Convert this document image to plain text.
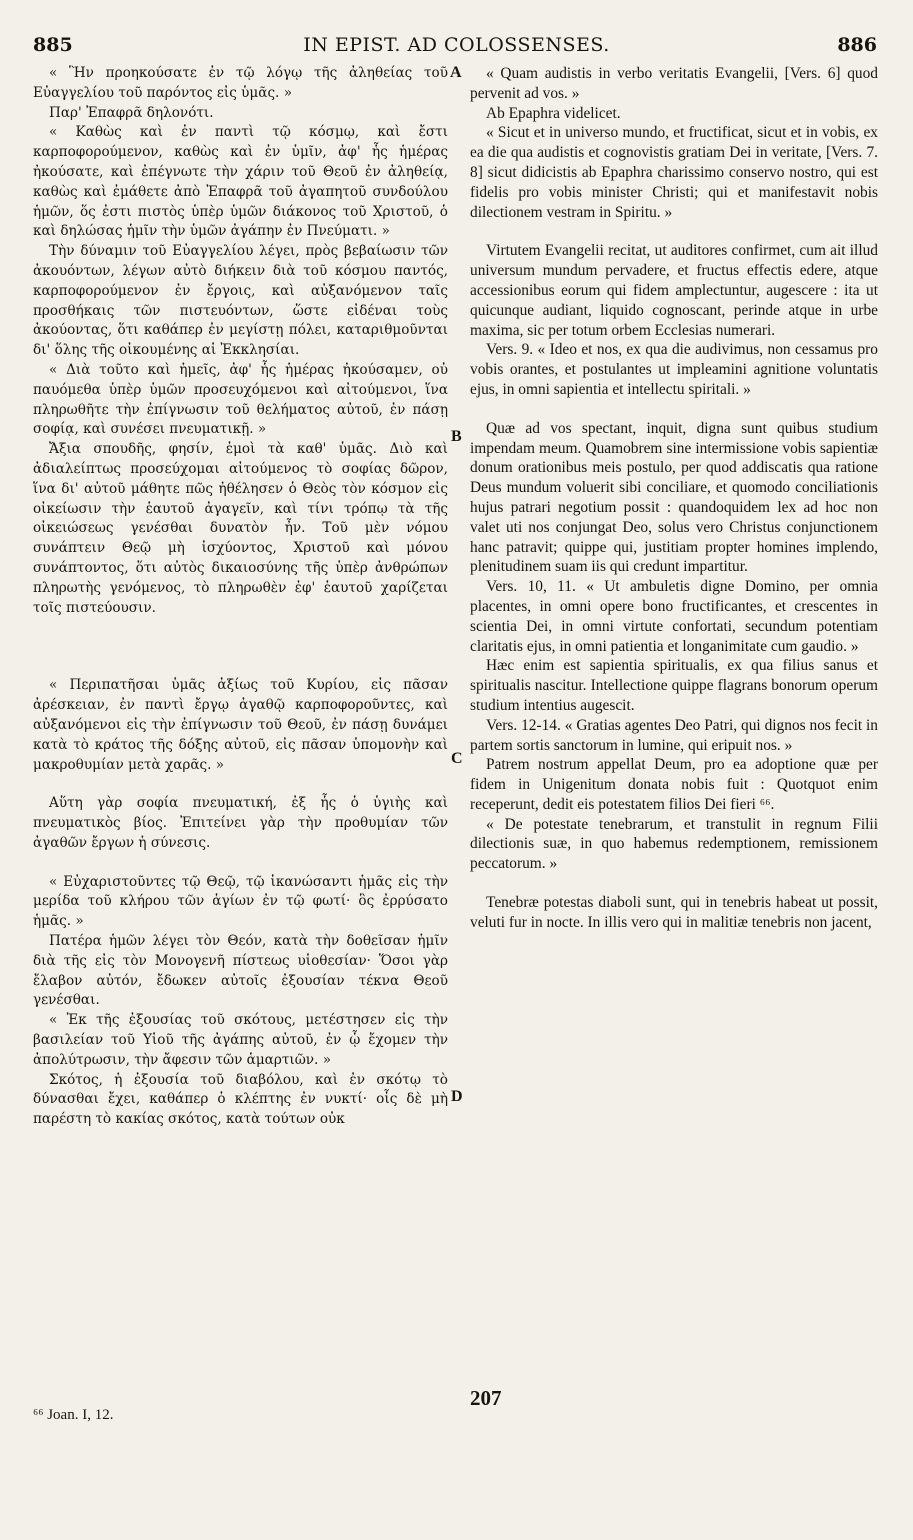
885	IN EPIST. AD COLOSSENSES.	886
A
B
C
D

« Ἣν προηκούσατε ἐν τῷ λόγῳ τῆς ἀληθείας τοῦ Εὐαγγελίου τοῦ παρόντος εἰς ὑμᾶς. »

Παρ' Ἐπαφρᾶ δηλονότι.

« Καθὼς καὶ ἐν παντὶ τῷ κόσμῳ, καὶ ἔστι καρποφορούμενον, καθὼς καὶ ἐν ὑμῖν, ἀφ' ἧς ἡμέρας ἠκούσατε, καὶ ἐπέγνωτε τὴν χάριν τοῦ Θεοῦ ἐν ἀληθείᾳ, καθὼς καὶ ἐμάθετε ἀπὸ Ἐπαφρᾶ τοῦ ἀγαπητοῦ συνδούλου ἡμῶν, ὅς ἐστι πιστὸς ὑπὲρ ὑμῶν διάκονος τοῦ Χριστοῦ, ὁ καὶ δηλώσας ἡμῖν τὴν ὑμῶν ἀγάπην ἐν Πνεύματι. »

Τὴν δύναμιν τοῦ Εὐαγγελίου λέγει, πρὸς βεβαίωσιν τῶν ἀκουόντων, λέγων αὐτὸ διήκειν διὰ τοῦ κόσμου παντός, καρποφορούμενον ἐν ἔργοις, καὶ αὐξανόμενον ταῖς προσθήκαις τῶν πιστευόντων, ὥστε εἰδέναι τοὺς ἀκούοντας, ὅτι καθάπερ ἐν μεγίστῃ πόλει, καταριθμοῦνται δι' ὅλης τῆς οἰκουμένης αἱ Ἐκκλησίαι.

« Διὰ τοῦτο καὶ ἡμεῖς, ἀφ' ἧς ἡμέρας ἠκούσαμεν, οὐ παυόμεθα ὑπὲρ ὑμῶν προσευχόμενοι καὶ αἰτούμενοι, ἵνα πληρωθῆτε τὴν ἐπίγνωσιν τοῦ θελήματος αὐτοῦ, ἐν πάσῃ σοφίᾳ, καὶ συνέσει πνευματικῇ. »

Ἄξια σπουδῆς, φησίν, ἐμοὶ τὰ καθ' ὑμᾶς. Διὸ καὶ ἀδιαλείπτως προσεύχομαι αἰτούμενος τὸ σοφίας δῶρον, ἵνα δι' αὐτοῦ μάθητε πῶς ἠθέλησεν ὁ Θεὸς τὸν κόσμον εἰς οἰκείωσιν τὴν ἑαυτοῦ ἀγαγεῖν, καὶ τίνι τρόπῳ τὰ τῆς οἰκειώσεως γενέσθαι δυνατὸν ἦν. Τοῦ μὲν νόμου συνάπτειν Θεῷ μὴ ἰσχύοντος, Χριστοῦ καὶ μόνου συνάπτοντος, ὅτι αὐτὸς δικαιοσύνης τῆς ὑπὲρ ἀνθρώπων πληρωτὴς γενόμενος, τὸ πληρωθὲν ἐφ' ἑαυτοῦ χαρίζεται τοῖς πιστεύουσιν.

« Περιπατῆσαι ὑμᾶς ἀξίως τοῦ Κυρίου, εἰς πᾶσαν ἀρέσκειαν, ἐν παντὶ ἔργῳ ἀγαθῷ καρποφοροῦντες, καὶ αὐξανόμενοι εἰς τὴν ἐπίγνωσιν τοῦ Θεοῦ, ἐν πάσῃ δυνάμει κατὰ τὸ κράτος τῆς δόξης αὐτοῦ, εἰς πᾶσαν ὑπομονὴν καὶ μακροθυμίαν μετὰ χαρᾶς. »

Αὕτη γὰρ σοφία πνευματική, ἐξ ἧς ὁ ὑγιὴς καὶ πνευματικὸς βίος. Ἐπιτείνει γὰρ τὴν προθυμίαν τῶν ἀγαθῶν ἔργων ἡ σύνεσις.

« Εὐχαριστοῦντες τῷ Θεῷ, τῷ ἱκανώσαντι ἡμᾶς εἰς τὴν μερίδα τοῦ κλήρου τῶν ἁγίων ἐν τῷ φωτί· ὃς ἐρρύσατο ἡμᾶς. »

Πατέρα ἡμῶν λέγει τὸν Θεόν, κατὰ τὴν δοθεῖσαν ἡμῖν διὰ τῆς εἰς τὸν Μονογενῆ πίστεως υἱοθεσίαν· Ὅσοι γὰρ ἔλαβον αὐτόν, ἔδωκεν αὐτοῖς ἐξουσίαν τέκνα Θεοῦ γενέσθαι.

« Ἐκ τῆς ἐξουσίας τοῦ σκότους, μετέστησεν εἰς τὴν βασιλείαν τοῦ Υἱοῦ τῆς ἀγάπης αὐτοῦ, ἐν ᾧ ἔχομεν τὴν ἀπολύτρωσιν, τὴν ἄφεσιν τῶν ἁμαρτιῶν. »

Σκότος, ἡ ἐξουσία τοῦ διαβόλου, καὶ ἐν σκότῳ τὸ δύνασθαι ἔχει, καθάπερ ὁ κλέπτης ἐν νυκτί· οἷς δὲ μὴ παρέστη τὸ κακίας σκότος, κατὰ τούτων οὐκ

« Quam audistis in verbo veritatis Evangelii, [Vers. 6] quod pervenit ad vos. »

Ab Epaphra videlicet.

« Sicut et in universo mundo, et fructificat, sicut et in vobis, ex ea die qua audistis et cognovistis gratiam Dei in veritate, [Vers. 7. 8] sicut didicistis ab Epaphra charissimo conservo nostro, qui est fidelis pro vobis minister Christi; qui et manifestavit nobis dilectionem vestram in Spiritu. »

Virtutem Evangelii recitat, ut auditores confirmet, cum ait illud universum mundum pervadere, et fructus effectis edere, atque accessionibus eorum qui fidem amplectuntur, augescere : ita ut quicunque audiant, liquido cognoscant, perinde atque in urbe maxima, sic per totum orbem Ecclesias numerari.

Vers. 9. « Ideo et nos, ex qua die audivimus, non cessamus pro vobis orantes, et postulantes ut impleamini agnitione voluntatis ejus, in omni sapientia et intellectu spiritali. »

Quæ ad vos spectant, inquit, digna sunt quibus studium impendam meum. Quamobrem sine intermissione vobis sapientiæ donum orationibus meis postulo, per quod addiscatis qua ratione Deus mundum voluerit sibi conciliare, et quomodo conciliationis hujus patrari negotium possit : quandoquidem lex ad hoc non valet uti nos conjungat Deo, solus vero Christus conjunctionem hanc patravit; quippe qui, justitiam propter homines implendo, plenitudinem suam iis qui credunt impartitur.

Vers. 10, 11. « Ut ambuletis digne Domino, per omnia placentes, in omni opere bono fructificantes, et crescentes in scientia Dei, in omni virtute confortati, secundum potentiam claritatis ejus, in omni patientia et longanimitate cum gaudio. »

Hæc enim est sapientia spiritualis, ex qua filius sanus et spiritualis nascitur. Intellectione quippe flagrans bonorum operum studium intentius augescit.

Vers. 12-14. « Gratias agentes Deo Patri, qui dignos nos fecit in partem sortis sanctorum in lumine, qui eripuit nos. »

Patrem nostrum appellat Deum, pro ea adoptione quæ per fidem in Unigenitum donata nobis fuit : Quotquot enim receperunt, dedit eis potestatem filios Dei fieri ⁶⁶.

« De potestate tenebrarum, et transtulit in regnum Filii dilectionis suæ, in quo habemus redemptionem, remissionem peccatorum. »

Tenebræ potestas diaboli sunt, qui in tenebris habeat ut possit, veluti fur in nocte. In illis vero qui in malitiæ tenebris non jacent,

207
⁶⁶ Joan. I, 12.
